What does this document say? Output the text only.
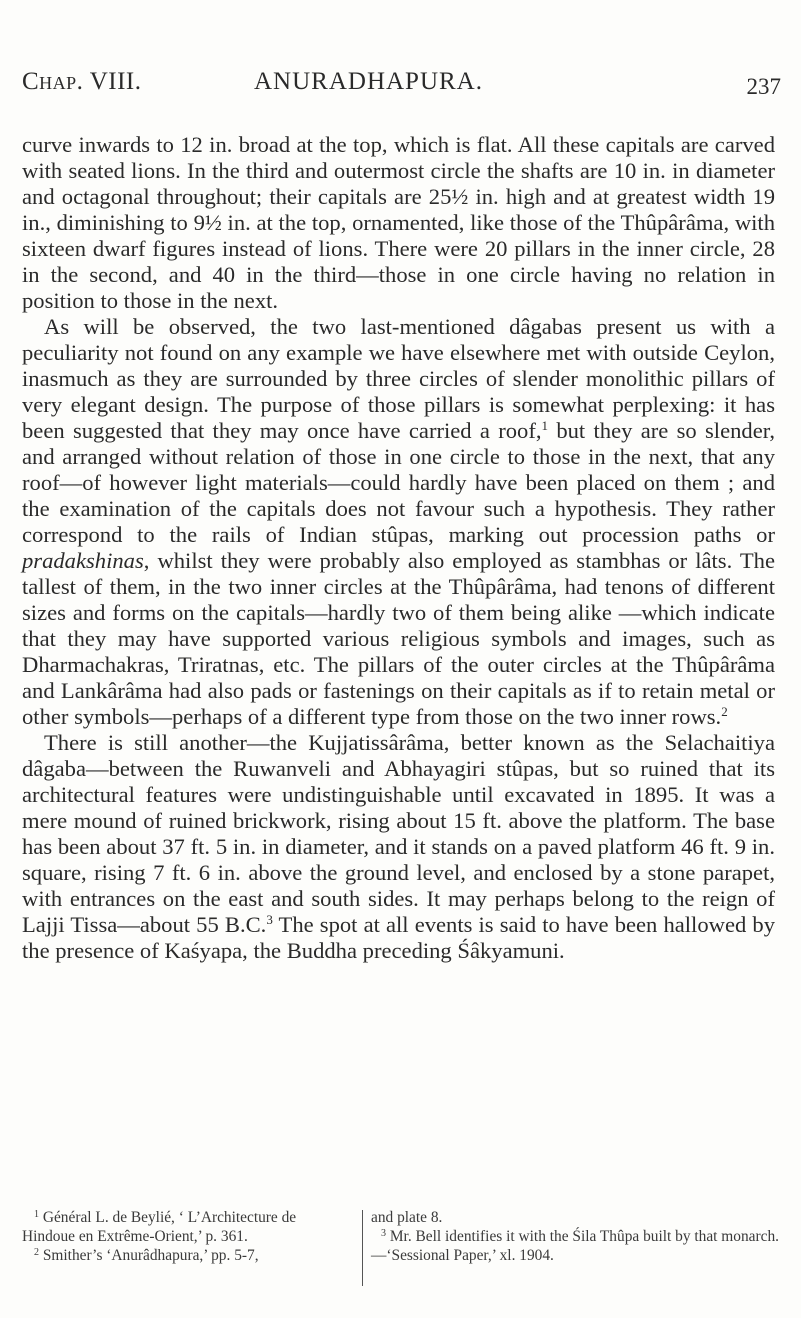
Chap. VIII.	ANURADHAPURA.	237

curve inwards to 12 in. broad at the top, which is flat. All these capitals are carved with seated lions. In the third and outermost circle the shafts are 10 in. in diameter and octagonal throughout; their capitals are 25½ in. high and at greatest width 19 in., diminishing to 9½ in. at the top, ornamented, like those of the Thûpârâma, with sixteen dwarf figures instead of lions. There were 20 pillars in the inner circle, 28 in the second, and 40 in the third—those in one circle having no relation in position to those in the next.

As will be observed, the two last-mentioned dâgabas present us with a peculiarity not found on any example we have elsewhere met with outside Ceylon, inasmuch as they are surrounded by three circles of slender monolithic pillars of very elegant design. The purpose of those pillars is somewhat perplexing: it has been suggested that they may once have carried a roof,$^1$ but they are so slender, and arranged without relation of those in one circle to those in the next, that any roof—of however light materials—could hardly have been placed on them ; and the examination of the capitals does not favour such a hypothesis. They rather correspond to the rails of Indian stûpas, marking out procession paths or pradakshinas, whilst they were probably also employed as stambhas or lâts. The tallest of them, in the two inner circles at the Thûpârâma, had tenons of different sizes and forms on the capitals—hardly two of them being alike —which indicate that they may have supported various religious symbols and images, such as Dharmachakras, Triratnas, etc. The pillars of the outer circles at the Thûpârâma and Lankârâma had also pads or fastenings on their capitals as if to retain metal or other symbols—perhaps of a different type from those on the two inner rows.$^2$

There is still another—the Kujjatissârâma, better known as the Selachaitiya dâgaba—between the Ruwanveli and Abhayagiri stûpas, but so ruined that its architectural features were undistinguishable until excavated in 1895. It was a mere mound of ruined brickwork, rising about 15 ft. above the platform. The base has been about 37 ft. 5 in. in diameter, and it stands on a paved platform 46 ft. 9 in. square, rising 7 ft. 6 in. above the ground level, and enclosed by a stone parapet, with entrances on the east and south sides. It may perhaps belong to the reign of Lajji Tissa—about 55 B.C.$^3$ The spot at all events is said to have been hallowed by the presence of Kaśyapa, the Buddha preceding Śâkyamuni.

$^1$ Général L. de Beylié, ‘ L’Architecture de Hindoue en Extrême-Orient,’ p. 361.

$^2$ Smither’s ‘Anurâdhapura,’ pp. 5-7,

and plate 8.

$^3$ Mr. Bell identifies it with the Śila Thûpa built by that monarch.—‘Sessional Paper,’ xl. 1904.
